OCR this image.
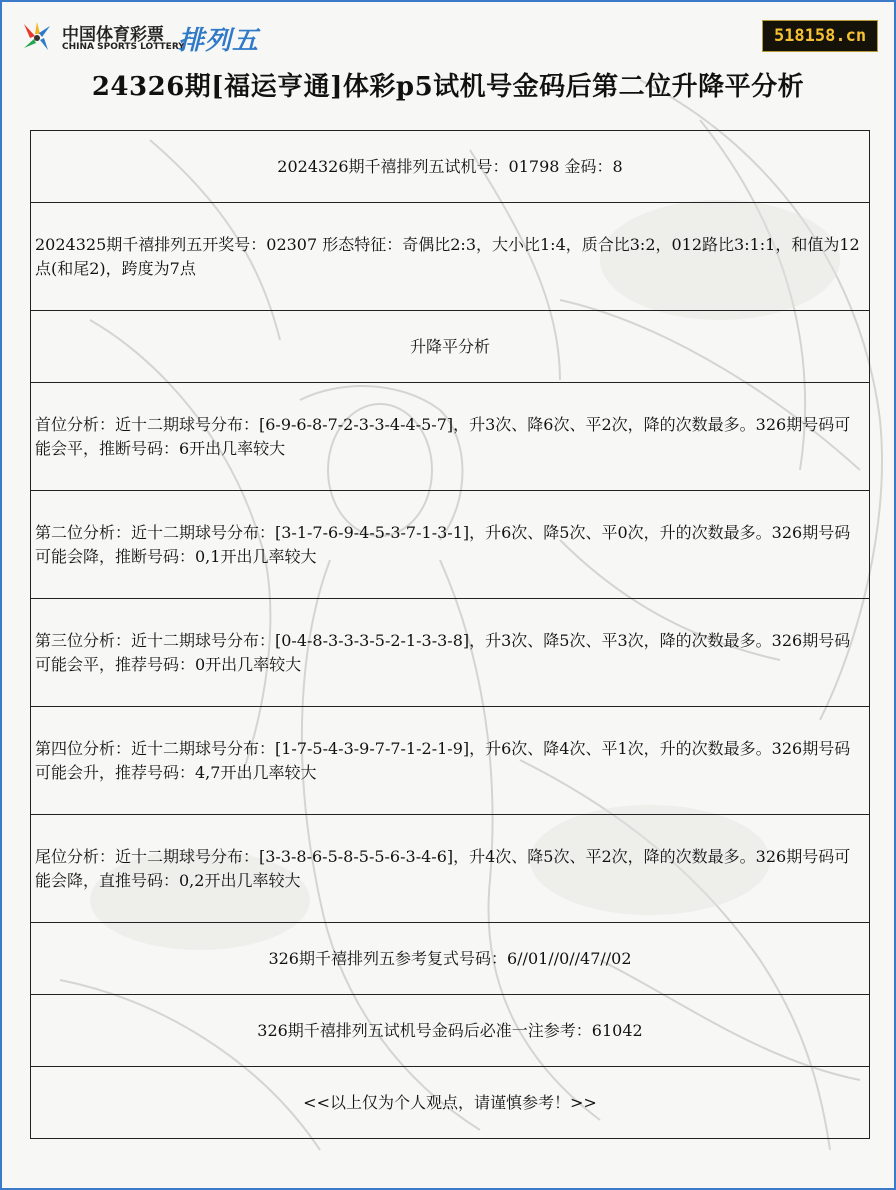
中国体育彩票
CHINA SPORTS LOTTERY
排列五	518158.cn
24326期[福运亨通]体彩p5试机号金码后第二位升降平分析
2024326期千禧排列五试机号：01798 金码：8
2024325期千禧排列五开奖号：02307 形态特征：奇偶比2:3，大小比1:4，质合比3:2，012路比3:1:1，和值为12点(和尾2)，跨度为7点
升降平分析
首位分析：近十二期球号分布：[6-9-6-8-7-2-3-3-4-4-5-7]，升3次、降6次、平2次，降的次数最多。326期号码可能会平，推断号码：6开出几率较大
第二位分析：近十二期球号分布：[3-1-7-6-9-4-5-3-7-1-3-1]，升6次、降5次、平0次，升的次数最多。326期号码可能会降，推断号码：0,1开出几率较大
第三位分析：近十二期球号分布：[0-4-8-3-3-3-5-2-1-3-3-8]，升3次、降5次、平3次，降的次数最多。326期号码可能会平，推荐号码：0开出几率较大
第四位分析：近十二期球号分布：[1-7-5-4-3-9-7-7-1-2-1-9]，升6次、降4次、平1次，升的次数最多。326期号码可能会升，推荐号码：4,7开出几率较大
尾位分析：近十二期球号分布：[3-3-8-6-5-8-5-5-6-3-4-6]，升4次、降5次、平2次，降的次数最多。326期号码可能会降，直推号码：0,2开出几率较大
326期千禧排列五参考复式号码：6//01//0//47//02
326期千禧排列五试机号金码后必准一注参考：61042
<<以上仅为个人观点，请谨慎参考！>>
